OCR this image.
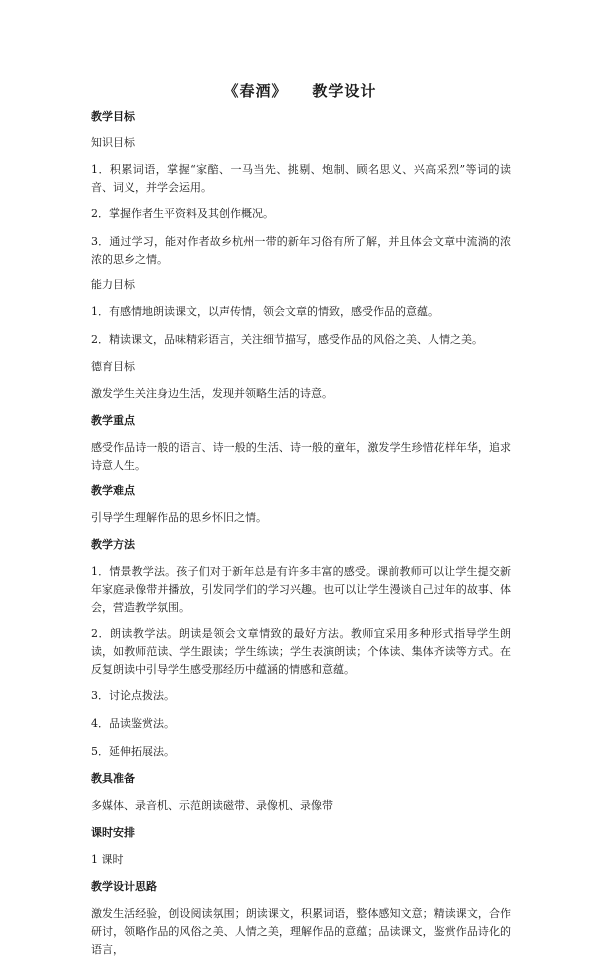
《春酒》    教学设计
教学目标
知识目标
1．积累词语，掌握“家醅、一马当先、挑剔、炮制、顾名思义、兴高采烈”等词的读音、词义，并学会运用。
2．掌握作者生平资料及其创作概况。
3．通过学习，能对作者故乡杭州一带的新年习俗有所了解，并且体会文章中流淌的浓浓的思乡之情。
能力目标
1．有感情地朗读课文，以声传情，领会文章的情致，感受作品的意蕴。
2．精读课文，品味精彩语言，关注细节描写，感受作品的风俗之美、人情之美。
德育目标
激发学生关注身边生活，发现并领略生活的诗意。
教学重点
感受作品诗一般的语言、诗一般的生活、诗一般的童年，激发学生珍惜花样年华，追求诗意人生。
教学难点
引导学生理解作品的思乡怀旧之情。
教学方法
1．情景教学法。孩子们对于新年总是有许多丰富的感受。课前教师可以让学生提交新年家庭录像带并播放，引发同学们的学习兴趣。也可以让学生漫谈自己过年的故事、体会，营造教学氛围。
2．朗读教学法。朗读是领会文章情致的最好方法。教师宜采用多种形式指导学生朗读，如教师范读、学生跟读；学生练读；学生表演朗读；个体读、集体齐读等方式。在反复朗读中引导学生感受那经历中蕴涵的情感和意蕴。
3．讨论点拨法。
4．品读鉴赏法。
5．延伸拓展法。
教具准备
多媒体、录音机、示范朗读磁带、录像机、录像带
课时安排
1 课时
教学设计思路
激发生活经验，创设阅读氛围；朗读课文，积累词语，整体感知文意；精读课文，合作研讨，领略作品的风俗之美、人情之美，理解作品的意蕴；品读课文，鉴赏作品诗化的语言，
